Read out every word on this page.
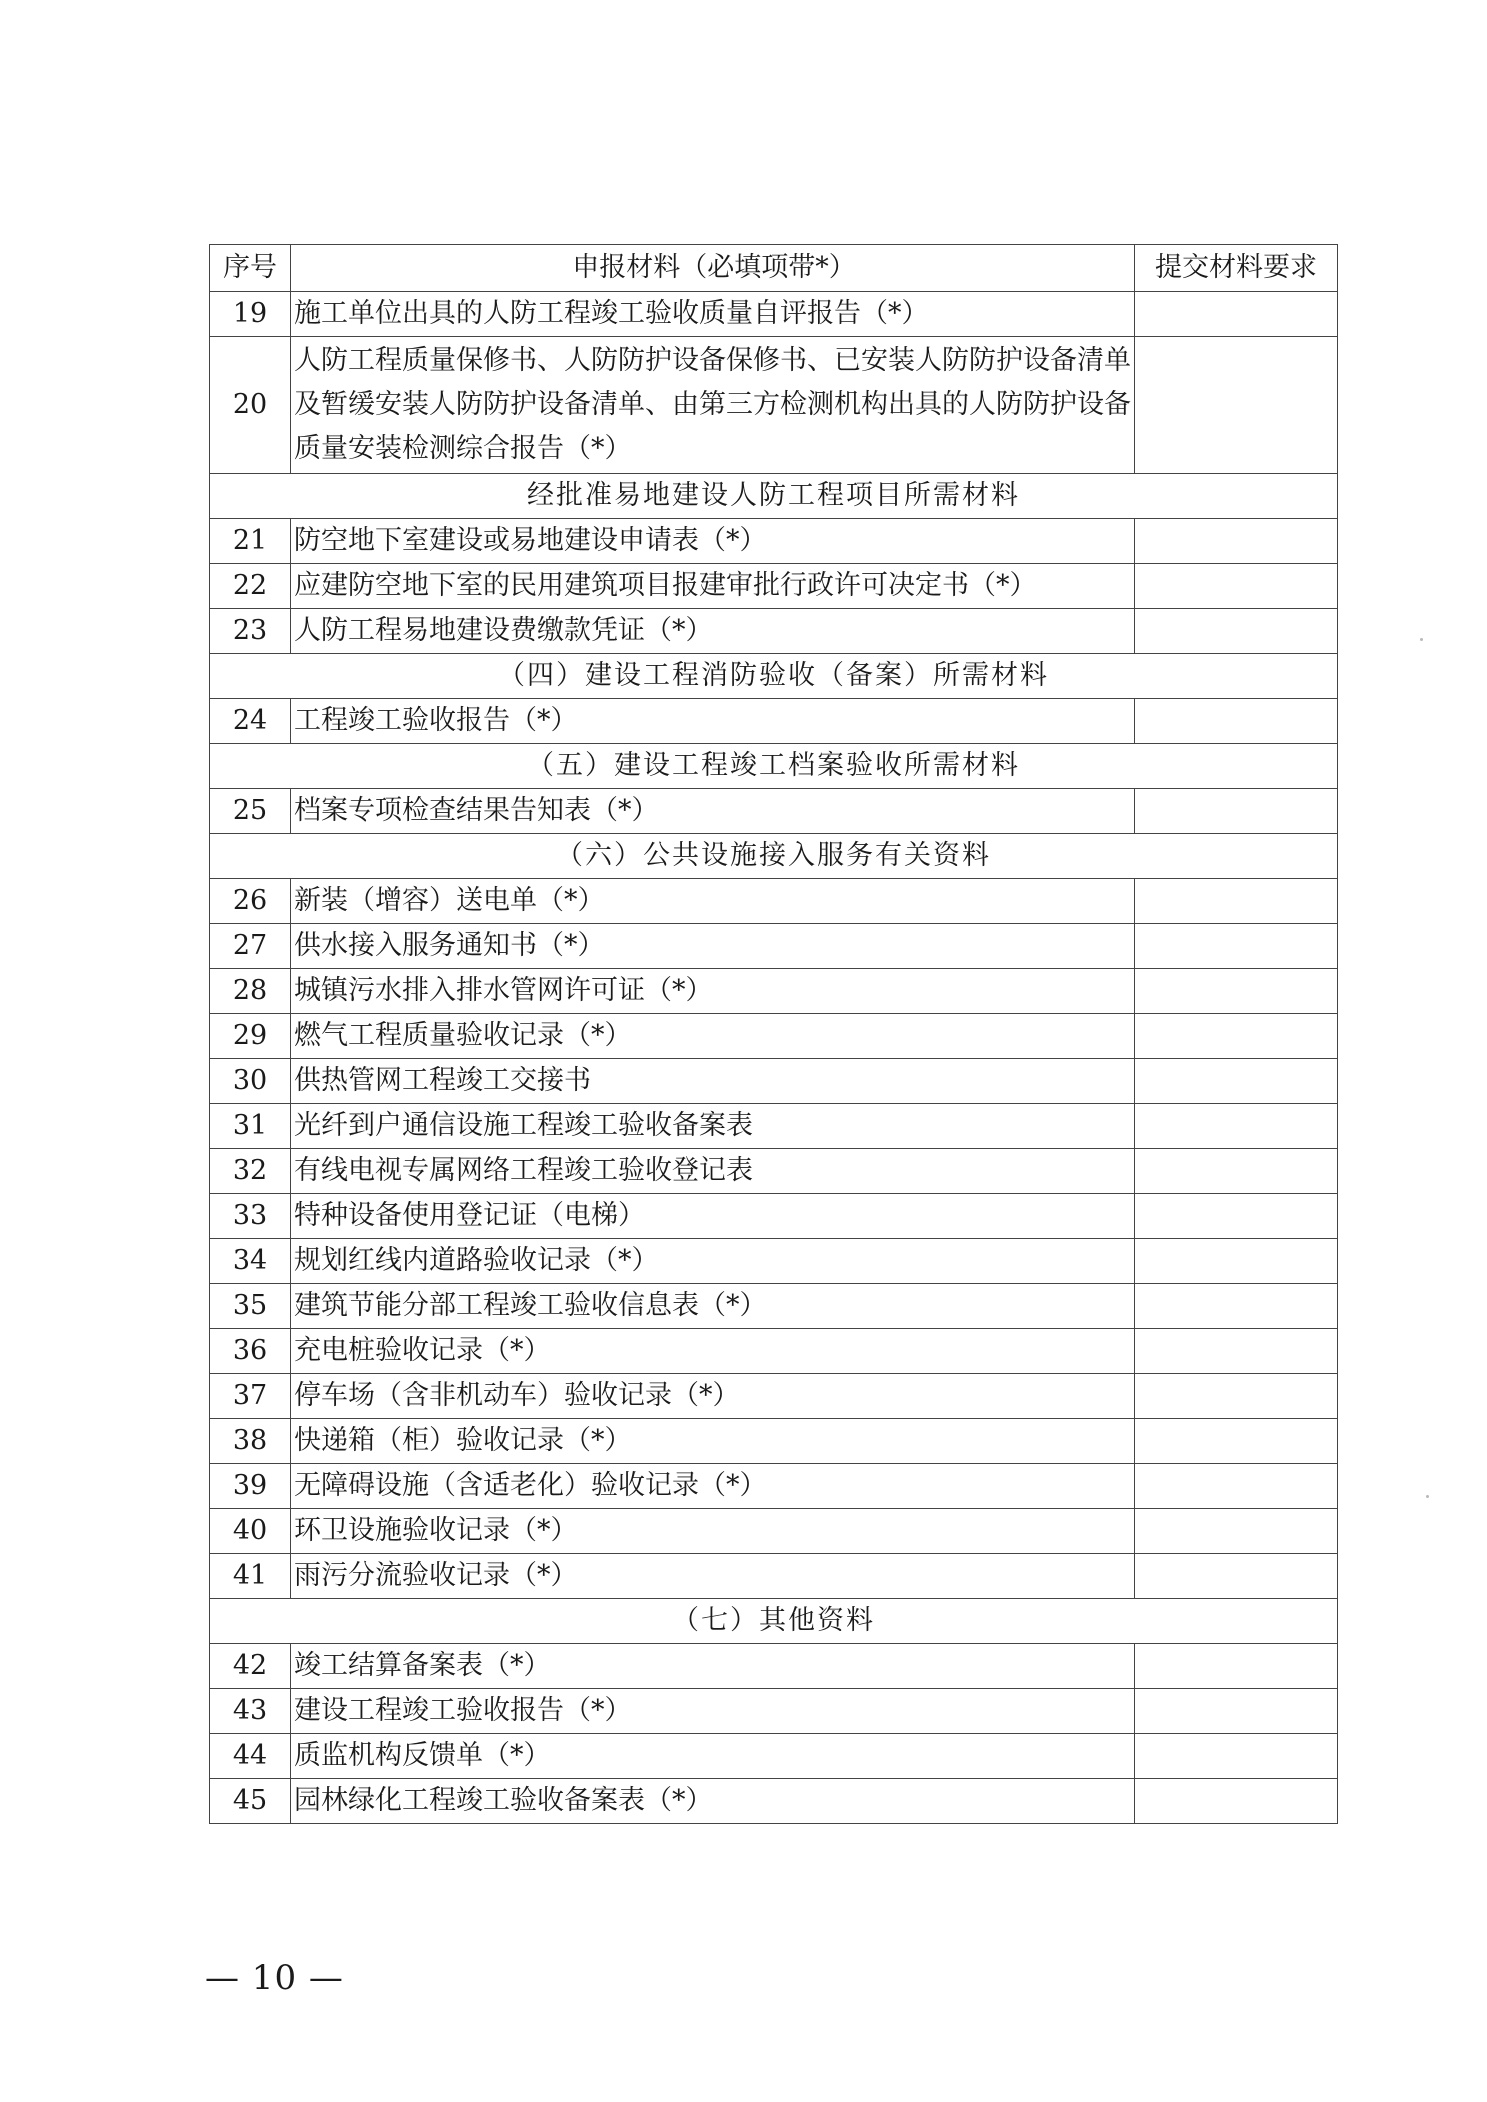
序号	申报材料（必填项带*）	提交材料要求
19	施工单位出具的人防工程竣工验收质量自评报告（*）	
20	人防工程质量保修书、人防防护设备保修书、已安装人防防护设备清单及暂缓安装人防防护设备清单、由第三方检测机构出具的人防防护设备质量安装检测综合报告（*）	
经批准易地建设人防工程项目所需材料		
21	防空地下室建设或易地建设申请表（*）	
22	应建防空地下室的民用建筑项目报建审批行政许可决定书（*）	
23	人防工程易地建设费缴款凭证（*）	
（四）建设工程消防验收（备案）所需材料		
24	工程竣工验收报告（*）	
（五）建设工程竣工档案验收所需材料		
25	档案专项检查结果告知表（*）	
（六）公共设施接入服务有关资料		
26	新装（增容）送电单（*）	
27	供水接入服务通知书（*）	
28	城镇污水排入排水管网许可证（*）	
29	燃气工程质量验收记录（*）	
30	供热管网工程竣工交接书	
31	光纤到户通信设施工程竣工验收备案表	
32	有线电视专属网络工程竣工验收登记表	
33	特种设备使用登记证（电梯）	
34	规划红线内道路验收记录（*）	
35	建筑节能分部工程竣工验收信息表（*）	
36	充电桩验收记录（*）	
37	停车场（含非机动车）验收记录（*）	
38	快递箱（柜）验收记录（*）	
39	无障碍设施（含适老化）验收记录（*）	
40	环卫设施验收记录（*）	
41	雨污分流验收记录（*）	
（七）其他资料		
42	竣工结算备案表（*）	
43	建设工程竣工验收报告（*）	
44	质监机构反馈单（*）	
45	园林绿化工程竣工验收备案表（*）	
— 10 —
